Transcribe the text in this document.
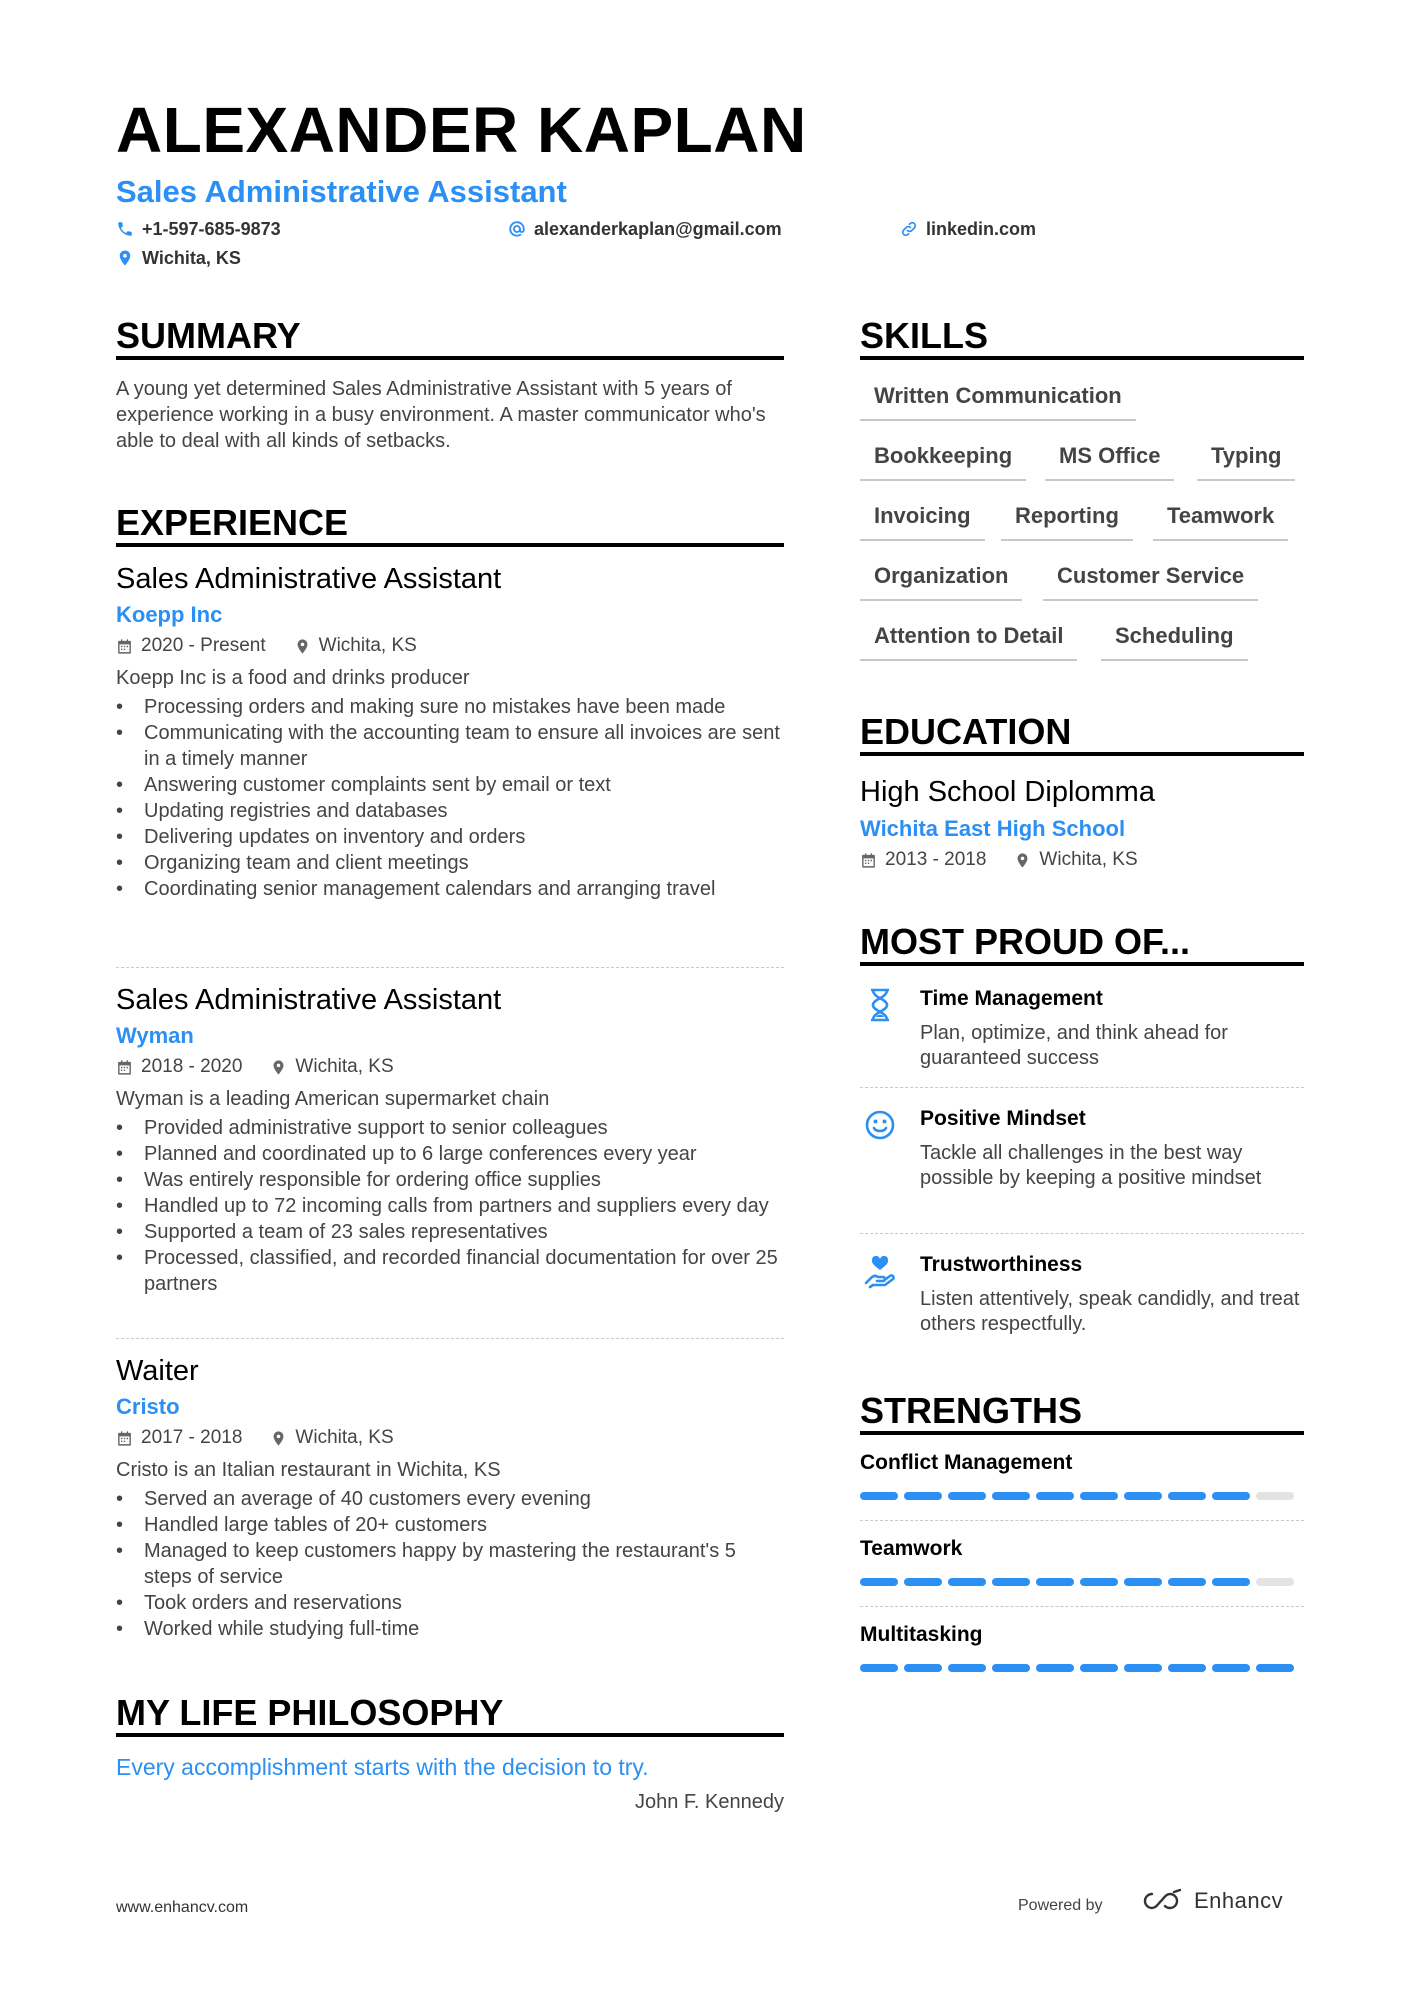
ALEXANDER KAPLAN
Sales Administrative Assistant
+1-597-685-9873	alexanderkaplan@gmail.com	linkedin.com
Wichita, KS
SUMMARY
A young yet determined Sales Administrative Assistant with 5 years of experience working in a busy environment. A master communicator who's able to deal with all kinds of setbacks.
EXPERIENCE
Sales Administrative Assistant
Koepp Inc
2020 - Present	Wichita, KS
Koepp Inc is a food and drinks producer
• Processing orders and making sure no mistakes have been made
• Communicating with the accounting team to ensure all invoices are sent in a timely manner
• Answering customer complaints sent by email or text
• Updating registries and databases
• Delivering updates on inventory and orders
• Organizing team and client meetings
• Coordinating senior management calendars and arranging travel
Sales Administrative Assistant
Wyman
2018 - 2020	Wichita, KS
Wyman is a leading American supermarket chain
• Provided administrative support to senior colleagues
• Planned and coordinated up to 6 large conferences every year
• Was entirely responsible for ordering office supplies
• Handled up to 72 incoming calls from partners and suppliers every day
• Supported a team of 23 sales representatives
• Processed, classified, and recorded financial documentation for over 25 partners
Waiter
Cristo
2017 - 2018	Wichita, KS
Cristo is an Italian restaurant in Wichita, KS
• Served an average of 40 customers every evening
• Handled large tables of 20+ customers
• Managed to keep customers happy by mastering the restaurant's 5 steps of service
• Took orders and reservations
• Worked while studying full-time
MY LIFE PHILOSOPHY
Every accomplishment starts with the decision to try.
John F. Kennedy
SKILLS
Written Communication
Bookkeeping	MS Office	Typing
Invoicing	Reporting	Teamwork
Organization	Customer Service
Attention to Detail	Scheduling
EDUCATION
High School Diplomma
Wichita East High School
2013 - 2018	Wichita, KS
MOST PROUD OF...
Time Management
Plan, optimize, and think ahead for guaranteed success
Positive Mindset
Tackle all challenges in the best way possible by keeping a positive mindset
Trustworthiness
Listen attentively, speak candidly, and treat others respectfully.
STRENGTHS
Conflict Management
Teamwork
Multitasking
www.enhancv.com	Powered by	Enhancv
